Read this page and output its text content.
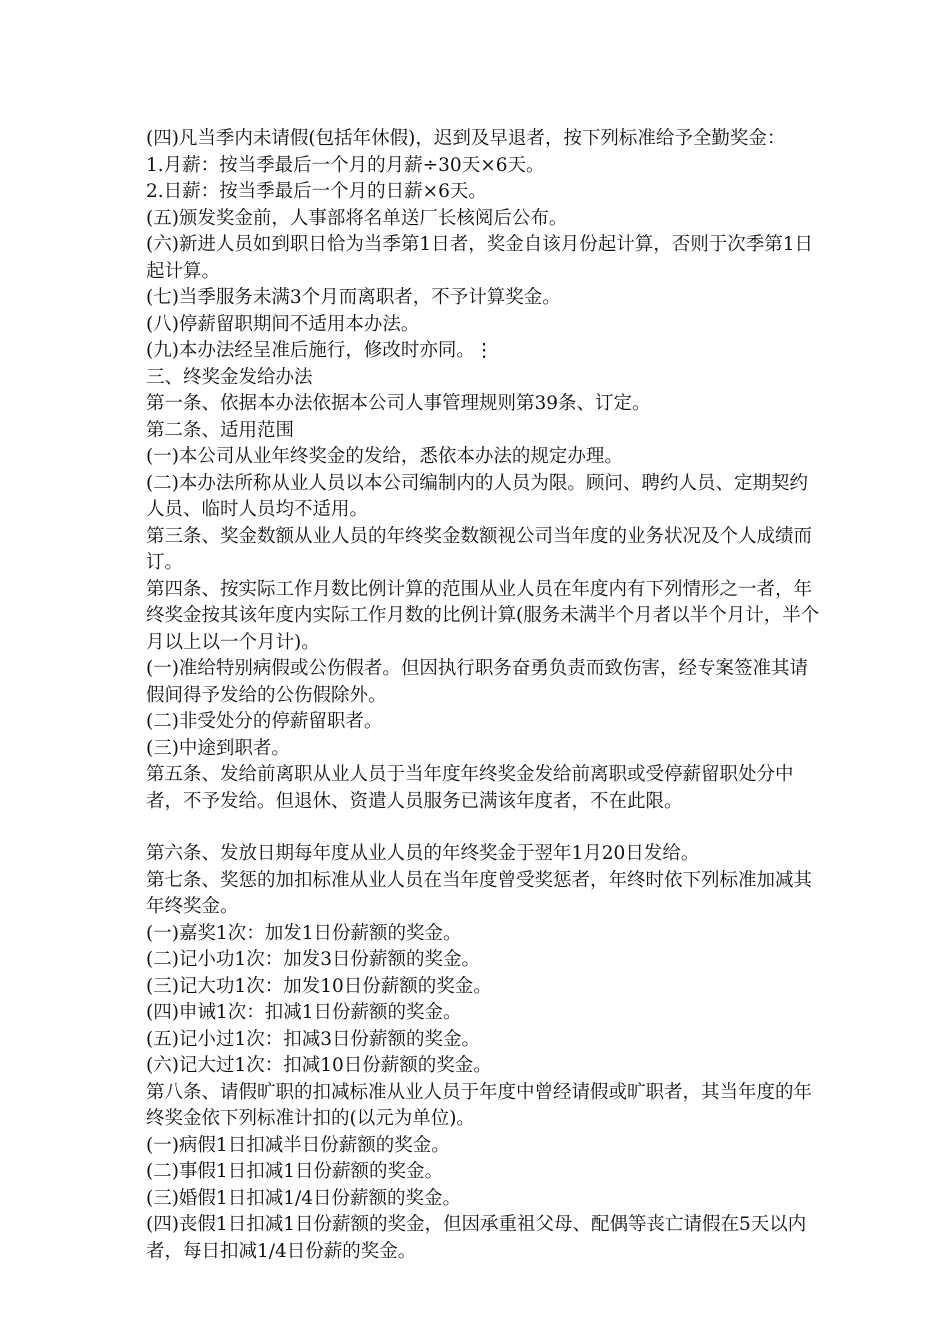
(四)凡当季内未请假(包括年休假)，迟到及早退者，按下列标准给予全勤奖金：

1.月薪：按当季最后一个月的月薪÷30天×6天。

2.日薪：按当季最后一个月的日薪×6天。

(五)颁发奖金前，人事部将名单送厂长核阅后公布。

(六)新进人员如到职日恰为当季第1日者，奖金自该月份起计算，否则于次季第1日起计算。

(七)当季服务未满3个月而离职者，不予计算奖金。

(八)停薪留职期间不适用本办法。

(九)本办法经呈准后施行，修改时亦同。⋮

三、终奖金发给办法

第一条、依据本办法依据本公司人事管理规则第39条、订定。

第二条、适用范围

(一)本公司从业年终奖金的发给，悉依本办法的规定办理。

(二)本办法所称从业人员以本公司编制内的人员为限。顾问、聘约人员、定期契约人员、临时人员均不适用。

第三条、奖金数额从业人员的年终奖金数额视公司当年度的业务状况及个人成绩而订。

第四条、按实际工作月数比例计算的范围从业人员在年度内有下列情形之一者，年终奖金按其该年度内实际工作月数的比例计算(服务未满半个月者以半个月计，半个月以上以一个月计)。

(一)准给特别病假或公伤假者。但因执行职务奋勇负责而致伤害，经专案签准其请假间得予发给的公伤假除外。

(二)非受处分的停薪留职者。

(三)中途到职者。

第五条、发给前离职从业人员于当年度年终奖金发给前离职或受停薪留职处分中者，不予发给。但退休、资遣人员服务已满该年度者，不在此限。

第六条、发放日期每年度从业人员的年终奖金于翌年1月20日发给。

第七条、奖惩的加扣标准从业人员在当年度曾受奖惩者，年终时依下列标准加减其年终奖金。

(一)嘉奖1次：加发1日份薪额的奖金。

(二)记小功1次：加发3日份薪额的奖金。

(三)记大功1次：加发10日份薪额的奖金。

(四)申诫1次：扣减1日份薪额的奖金。

(五)记小过1次：扣减3日份薪额的奖金。

(六)记大过1次：扣减10日份薪额的奖金。

第八条、请假旷职的扣减标准从业人员于年度中曾经请假或旷职者，其当年度的年终奖金依下列标准计扣的(以元为单位)。

(一)病假1日扣减半日份薪额的奖金。

(二)事假1日扣减1日份薪额的奖金。

(三)婚假1日扣减1/4日份薪额的奖金。

(四)丧假1日扣减1日份薪额的奖金，但因承重祖父母、配偶等丧亡请假在5天以内者，每日扣减1/4日份薪的奖金。
